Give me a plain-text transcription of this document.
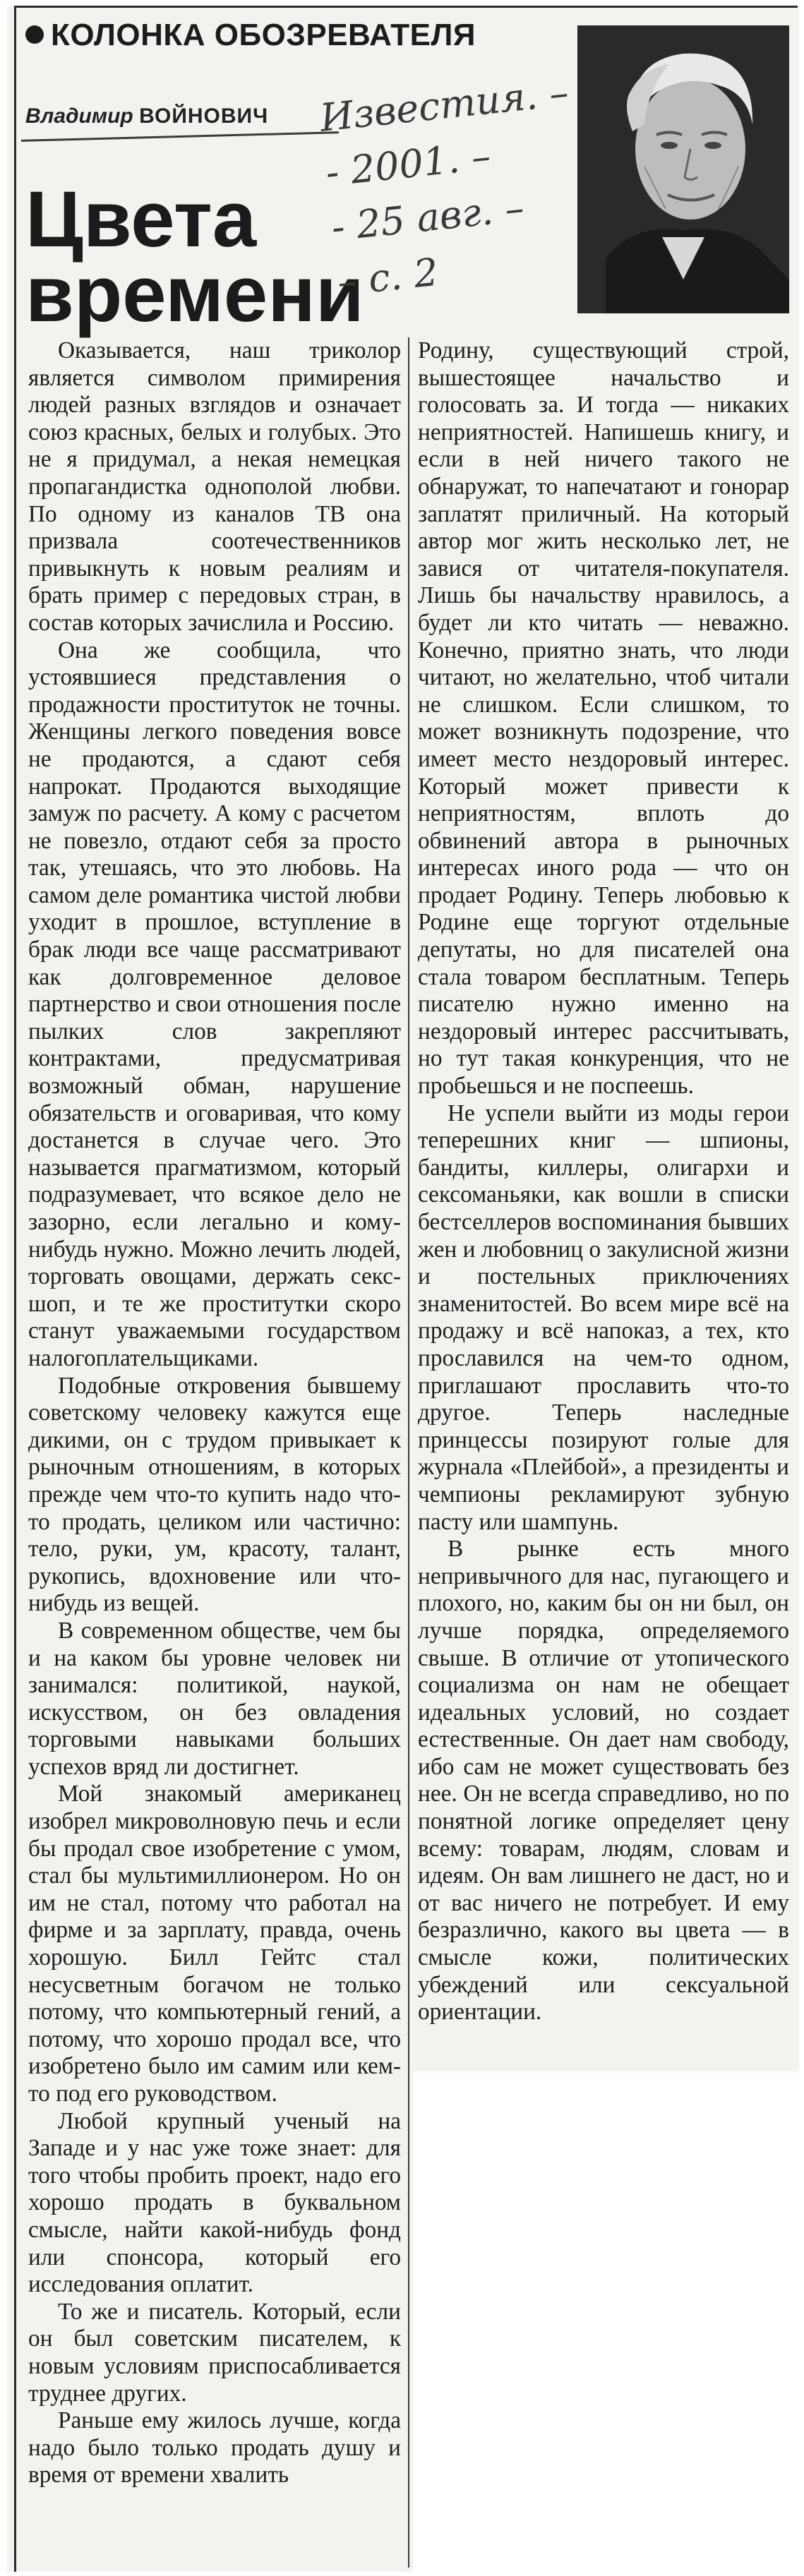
КОЛОНКА ОБОЗРЕВАТЕЛЯ
Владимир ВОЙНОВИЧ
Цвета
времени
Известия. –
- 2001. –
- 25 авг. –
– с. 2

Оказывается, наш триколор является символом примирения людей разных взглядов и означает союз красных, белых и голубых. Это не я придумал, а некая немецкая пропагандистка однополой любви. По одному из каналов ТВ она призвала соотечественников привыкнуть к новым реалиям и брать пример с передовых стран, в состав которых зачислила и Россию.

Она же сообщила, что устоявшиеся представления о продажности проституток не точны. Женщины легкого поведения вовсе не продаются, а сдают себя напрокат. Продаются выходящие замуж по расчету. А кому с расчетом не повезло, отдают себя за просто так, утешаясь, что это любовь. На самом деле романтика чистой любви уходит в прошлое, вступление в брак люди все чаще рассматривают как долговременное деловое партнерство и свои отношения после пылких слов закрепляют контрактами, предусматривая возможный обман, нарушение обязательств и оговаривая, что кому достанется в случае чего. Это называется прагматизмом, который подразумевает, что всякое дело не зазорно, если легально и кому-нибудь нужно. Можно лечить людей, торговать овощами, держать секс-шоп, и те же проститутки скоро станут уважаемыми государством налогоплательщиками.

Подобные откровения бывшему советскому человеку кажутся еще дикими, он с трудом привыкает к рыночным отношениям, в которых прежде чем что-то купить надо что-то продать, целиком или частично: тело, руки, ум, красоту, талант, рукопись, вдохновение или что-нибудь из вещей.

В современном обществе, чем бы и на каком бы уровне человек ни занимался: политикой, наукой, искусством, он без овладения торговыми навыками больших успехов вряд ли достигнет.

Мой знакомый американец изобрел микроволновую печь и если бы продал свое изобретение с умом, стал бы мультимиллионером. Но он им не стал, потому что работал на фирме и за зарплату, правда, очень хорошую. Билл Гейтс стал несусветным богачом не только потому, что компьютерный гений, а потому, что хорошо продал все, что изобретено было им самим или кем-то под его руководством.

Любой крупный ученый на Западе и у нас уже тоже знает: для того чтобы пробить проект, надо его хорошо продать в буквальном смысле, найти какой-нибудь фонд или спонсора, который его исследования оплатит.

То же и писатель. Который, если он был советским писателем, к новым условиям приспосабливается труднее других.

Раньше ему жилось лучше, когда надо было только продать душу и время от времени хвалить

Родину, существующий строй, вышестоящее начальство и голосовать за. И тогда — никаких неприятностей. Напишешь книгу, и если в ней ничего такого не обнаружат, то напечатают и гонорар заплатят приличный. На который автор мог жить несколько лет, не завися от читателя-покупателя. Лишь бы начальству нравилось, а будет ли кто читать — неважно. Конечно, приятно знать, что люди читают, но желательно, чтоб читали не слишком. Если слишком, то может возникнуть подозрение, что имеет место нездоровый интерес. Который может привести к неприятностям, вплоть до обвинений автора в рыночных интересах иного рода — что он продает Родину. Теперь любовью к Родине еще торгуют отдельные депутаты, но для писателей она стала товаром бесплатным. Теперь писателю нужно именно на нездоровый интерес рассчитывать, но тут такая конкуренция, что не пробьешься и не поспеешь.

Не успели выйти из моды герои теперешних книг — шпионы, бандиты, киллеры, олигархи и сексоманьяки, как вошли в списки бестселлеров воспоминания бывших жен и любовниц о закулисной жизни и постельных приключениях знаменитостей. Во всем мире всё на продажу и всё напоказ, а тех, кто прославился на чем-то одном, приглашают прославить что-то другое. Теперь наследные принцессы позируют голые для журнала «Плейбой», а президенты и чемпионы рекламируют зубную пасту или шампунь.

В рынке есть много непривычного для нас, пугающего и плохого, но, каким бы он ни был, он лучше порядка, определяемого свыше. В отличие от утопического социализма он нам не обещает идеальных условий, но создает естественные. Он дает нам свободу, ибо сам не может существовать без нее. Он не всегда справедливо, но по понятной логике определяет цену всему: товарам, людям, словам и идеям. Он вам лишнего не даст, но и от вас ничего не потребует. И ему безразлично, какого вы цвета — в смысле кожи, политических убеждений или сексуальной ориентации.
